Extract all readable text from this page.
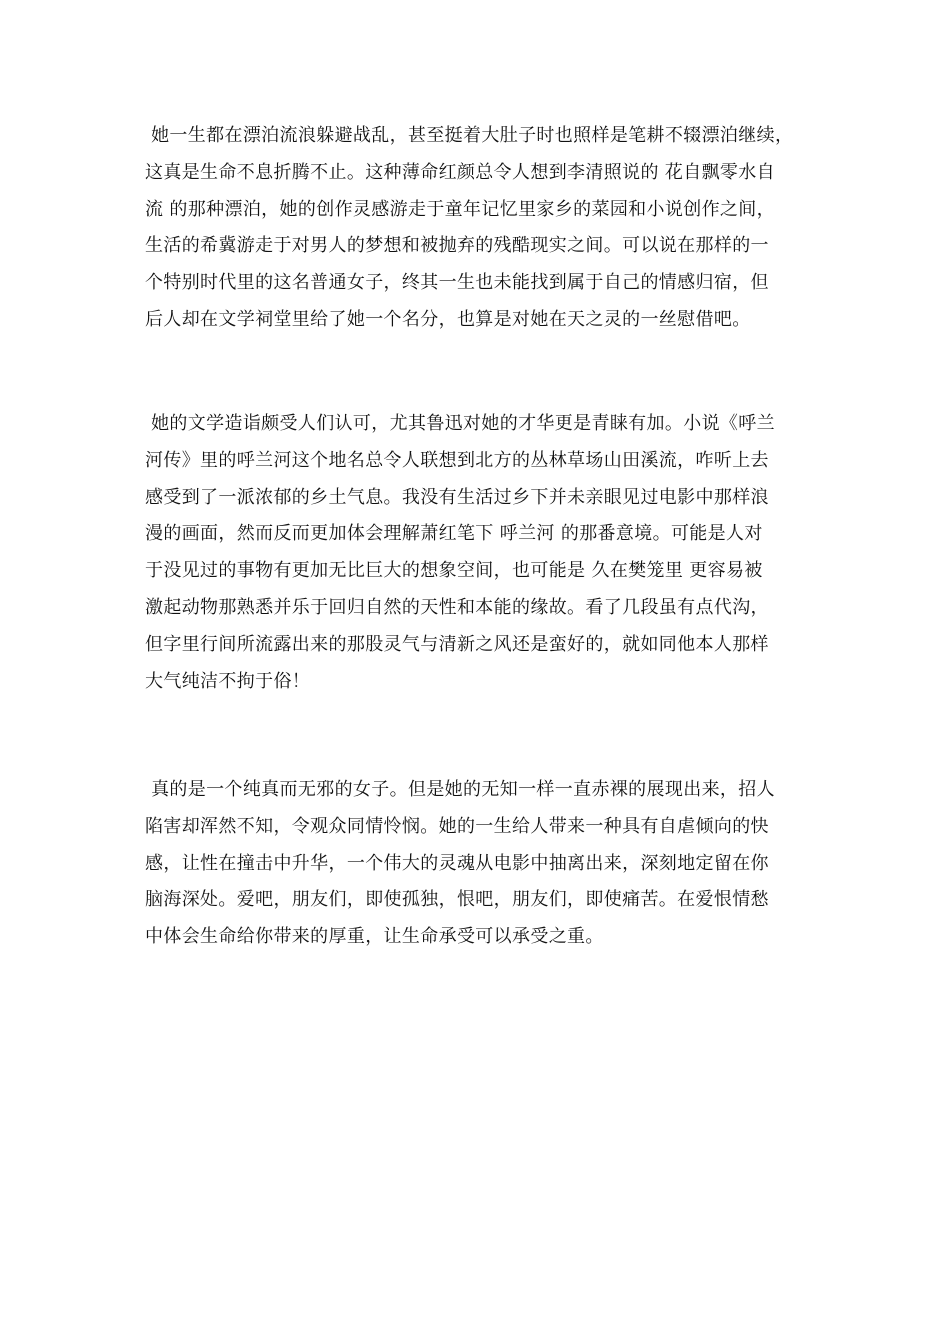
她一生都在漂泊流浪躲避战乱，甚至挺着大肚子时也照样是笔耕不辍漂泊继续，
这真是生命不息折腾不止。这种薄命红颜总令人想到李清照说的 花自飘零水自
流 的那种漂泊，她的创作灵感游走于童年记忆里家乡的菜园和小说创作之间，
生活的希冀游走于对男人的梦想和被抛弃的残酷现实之间。可以说在那样的一
个特别时代里的这名普通女子，终其一生也未能找到属于自己的情感归宿，但
后人却在文学祠堂里给了她一个名分，也算是对她在天之灵的一丝慰借吧。
她的文学造诣颇受人们认可，尤其鲁迅对她的才华更是青睐有加。小说《呼兰
河传》里的呼兰河这个地名总令人联想到北方的丛林草场山田溪流，咋听上去
感受到了一派浓郁的乡土气息。我没有生活过乡下并未亲眼见过电影中那样浪
漫的画面，然而反而更加体会理解萧红笔下 呼兰河 的那番意境。可能是人对
于没见过的事物有更加无比巨大的想象空间，也可能是 久在樊笼里 更容易被
激起动物那熟悉并乐于回归自然的天性和本能的缘故。看了几段虽有点代沟，
但字里行间所流露出来的那股灵气与清新之风还是蛮好的，就如同他本人那样
大气纯洁不拘于俗！
真的是一个纯真而无邪的女子。但是她的无知一样一直赤裸的展现出来，招人
陷害却浑然不知，令观众同情怜悯。她的一生给人带来一种具有自虐倾向的快
感，让性在撞击中升华，一个伟大的灵魂从电影中抽离出来，深刻地定留在你
脑海深处。爱吧，朋友们，即使孤独，恨吧，朋友们，即使痛苦。在爱恨情愁
中体会生命给你带来的厚重，让生命承受可以承受之重。
